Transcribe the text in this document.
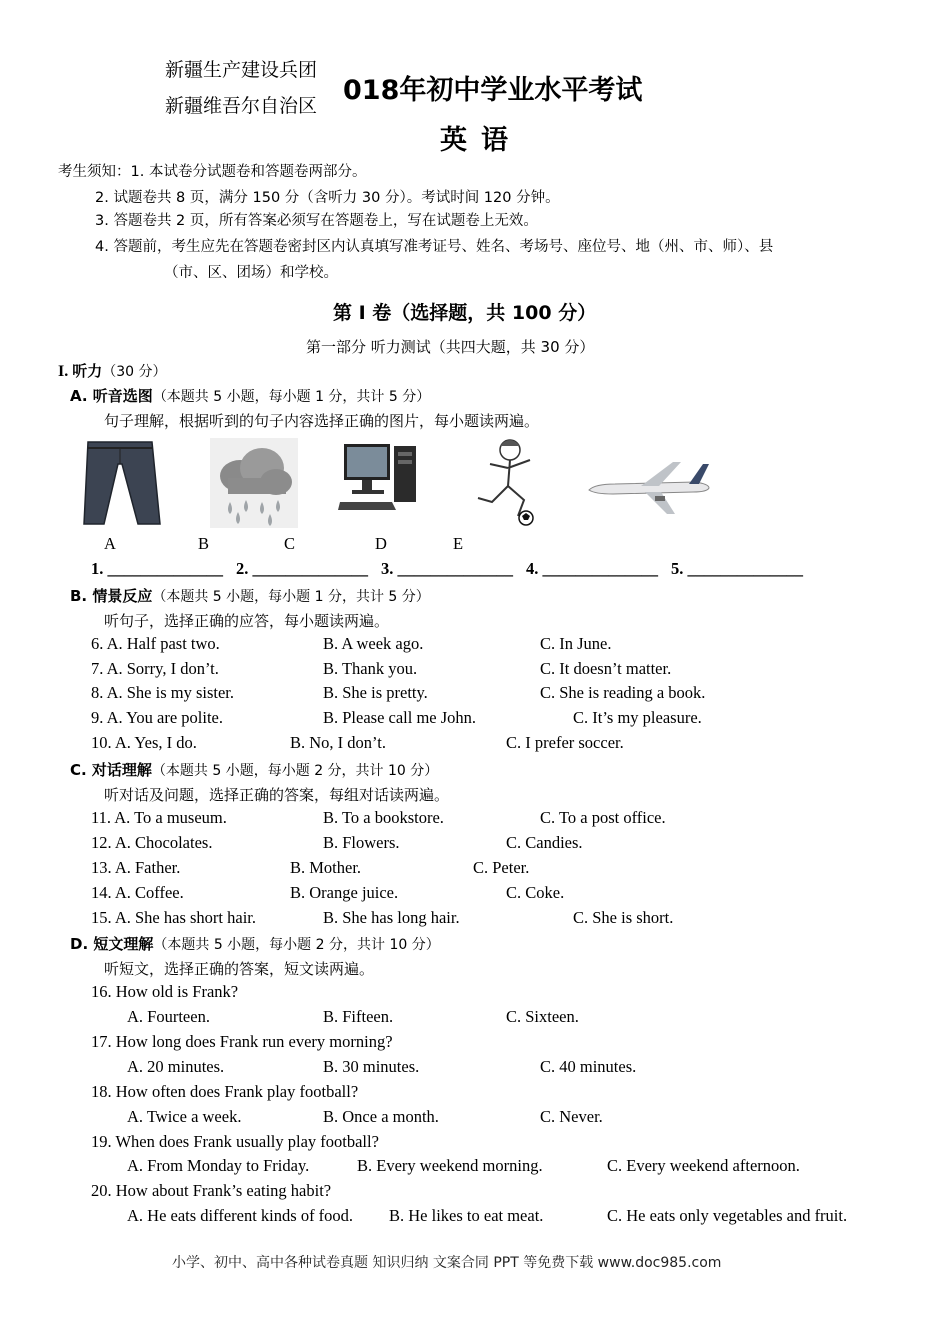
新疆生产建设兵团
新疆维吾尔自治区 018年初中学业水平考试
英语
考生须知：1. 本试卷分试题卷和答题卷两部分。
2. 试题卷共 8 页，满分 150 分（含听力 30 分）。考试时间 120 分钟。
3. 答题卷共 2 页，所有答案必须写在答题卷上，写在试题卷上无效。
4. 答题前，考生应先在答题卷密封区内认真填写准考证号、姓名、考场号、座位号、地（州、市、师）、县
（市、区、团场）和学校。
第 I 卷（选择题，共 100 分）
第一部分 听力测试（共四大题，共 30 分）
I. 听力（30 分）
A. 听音选图（本题共 5 小题，每小题 1 分，共计 5 分）
句子理解，根据听到的句子内容选择正确的图片，每小题读两遍。
A	B	C	D	E
1. ______________ 2. ______________ 3. ______________ 4. ______________ 5. ______________
B. 情景反应（本题共 5 小题，每小题 1 分，共计 5 分）
听句子，选择正确的应答，每小题读两遍。
6. A. Half past two.	B. A week ago.	C. In June.
7. A. Sorry, I don’t.	B. Thank you.	C. It doesn’t matter.
8. A. She is my sister.	B. She is pretty.	C. She is reading a book.
9. A. You are polite.	B. Please call me John.	C. It’s my pleasure.
10. A. Yes, I do.	B. No, I don’t.	C. I prefer soccer.
C. 对话理解（本题共 5 小题，每小题 2 分，共计 10 分）
听对话及问题，选择正确的答案，每组对话读两遍。
11. A. To a museum.	B. To a bookstore.	C. To a post office.
12. A. Chocolates.	B. Flowers.	C. Candies.
13. A. Father.	B. Mother.	C. Peter.
14. A. Coffee.	B. Orange juice.	C. Coke.
15. A. She has short hair.	B. She has long hair.	C. She is short.
D. 短文理解（本题共 5 小题，每小题 2 分，共计 10 分）
听短文，选择正确的答案，短文读两遍。
16. How old is Frank?
A. Fourteen.	B. Fifteen.	C. Sixteen.
17. How long does Frank run every morning?
A. 20 minutes.	B. 30 minutes.	C. 40 minutes.
18. How often does Frank play football?
A. Twice a week.	B. Once a month.	C. Never.
19. When does Frank usually play football?
A. From Monday to Friday.	B. Every weekend morning.	C. Every weekend afternoon.
20. How about Frank’s eating habit?
A. He eats different kinds of food. B. He likes to eat meat.	C. He eats only vegetables and fruit.
小学、初中、高中各种试卷真题 知识归纳 文案合同 PPT 等免费下载 www.doc985.com
